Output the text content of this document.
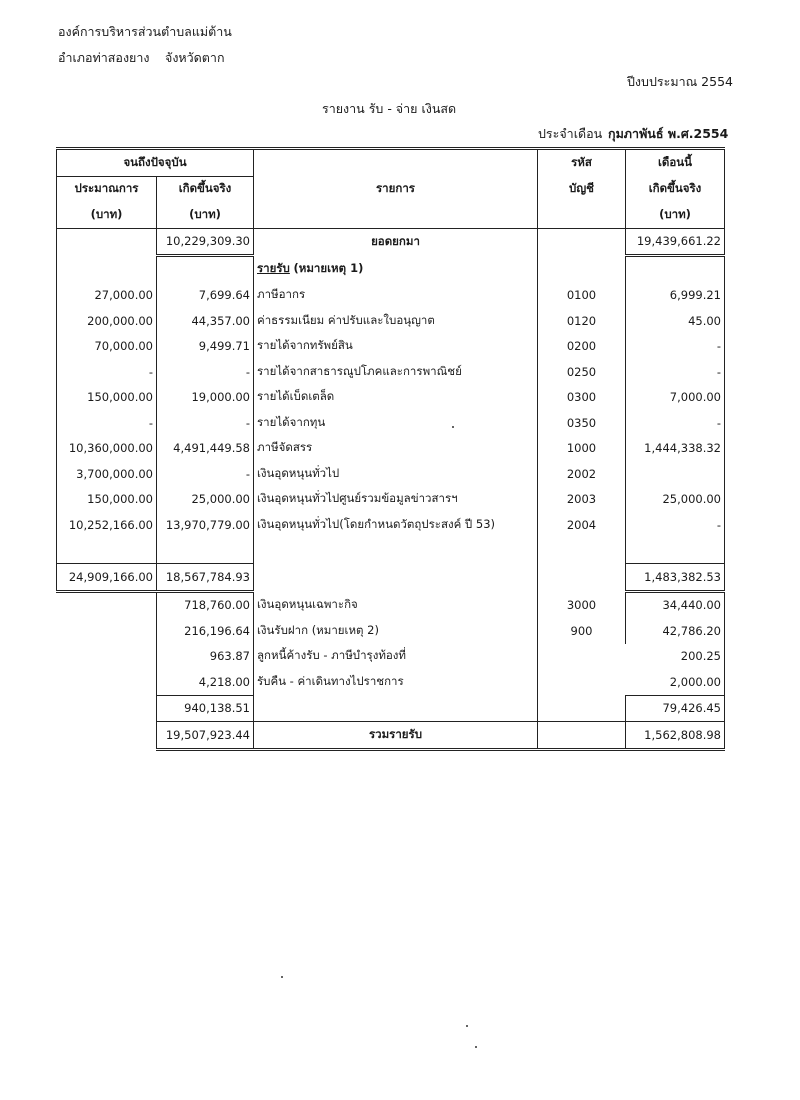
องค์การบริหารส่วนตำบลแม่ต้าน
อำเภอท่าสองยาง จังหวัดตาก
ปีงบประมาณ 2554
รายงาน รับ - จ่าย เงินสด
ประจำเดือน กุมภาพันธ์ พ.ศ.2554
จนถึงปัจจุบัน			รหัส	เดือนนี้
ประมาณการ	เกิดขึ้นจริง	รายการ	บัญชี	เกิดขึ้นจริง
(บาท)	(บาท)			(บาท)
	10,229,309.30	ยอดยกมา		19,439,661.22
		รายรับ (หมายเหตุ 1)		
27,000.00	7,699.64	ภาษีอากร	0100	6,999.21
200,000.00	44,357.00	ค่าธรรมเนียม ค่าปรับและใบอนุญาต	0120	45.00
70,000.00	9,499.71	รายได้จากทรัพย์สิน	0200	-
-	-	รายได้จากสาธารณูปโภคและการพาณิชย์	0250	-
150,000.00	19,000.00	รายได้เบ็ดเตล็ด	0300	7,000.00
-	-	รายได้จากทุน	0350	-
10,360,000.00	4,491,449.58	ภาษีจัดสรร	1000	1,444,338.32
3,700,000.00	-	เงินอุดหนุนทั่วไป	2002	
150,000.00	25,000.00	เงินอุดหนุนทั่วไปศูนย์รวมข้อมูลข่าวสารฯ	2003	25,000.00
10,252,166.00	13,970,779.00	เงินอุดหนุนทั่วไป(โดยกำหนดวัตถุประสงค์ ปี 53)	2004	-

24,909,166.00	18,567,784.93			1,483,382.53
	718,760.00	เงินอุดหนุนเฉพาะกิจ	3000	34,440.00
	216,196.64	เงินรับฝาก (หมายเหตุ 2)	900	42,786.20
	963.87	ลูกหนี้ค้างรับ - ภาษีบำรุงท้องที่		200.25
	4,218.00	รับคืน - ค่าเดินทางไปราชการ		2,000.00
	940,138.51			79,426.45
	19,507,923.44	รวมรายรับ		1,562,808.98
